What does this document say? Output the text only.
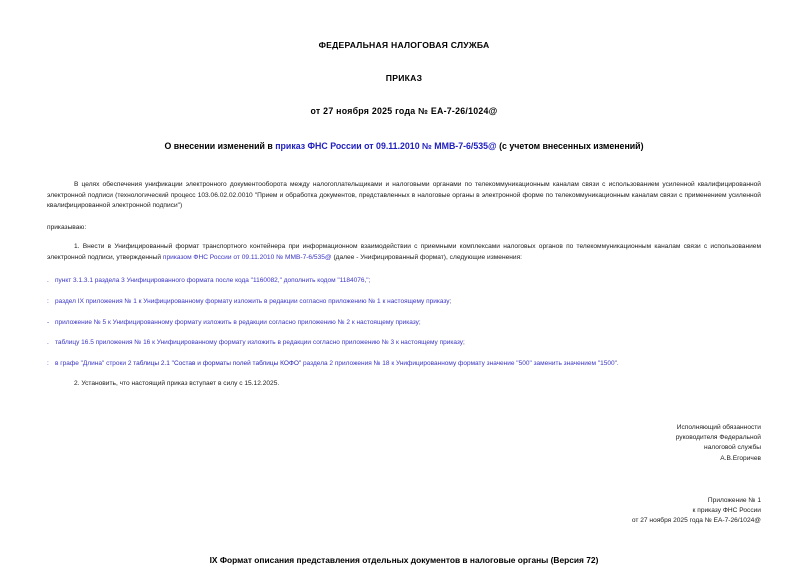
ФЕДЕРАЛЬНАЯ НАЛОГОВАЯ СЛУЖБА
ПРИКАЗ
от 27 ноября 2025 года № ЕА-7-26/1024@
О внесении изменений в приказ ФНС России от 09.11.2010 № ММВ-7-6/535@ (с учетом внесенных изменений)
В целях обеспечения унификации электронного документооборота между налогоплательщиками и налоговыми органами по телекоммуникационным каналам связи с использованием усиленной квалифицированной электронной подписи (технологический процесс 103.06.02.02.0010 "Прием и обработка документов, представленных в налоговые органы в электронной форме по телекоммуникационным каналам связи с применением усиленной квалифицированной электронной подписи")
приказываю:
1. Внести в Унифицированный формат транспортного контейнера при информационном взаимодействии с приемными комплексами налоговых органов по телекоммуникационным каналам связи с использованием электронной подписи, утвержденный приказом ФНС России от 09.11.2010 № ММВ-7-6/535@ (далее - Унифицированный формат), следующие изменения:
. пункт 3.1.3.1 раздела 3 Унифицированного формата после кода "1160082," дополнить кодом "1184076,";
: раздел IX приложения № 1 к Унифицированному формату изложить в редакции согласно приложению № 1 к настоящему приказу;
- приложение № 5 к Унифицированному формату изложить в редакции согласно приложению № 2 к настоящему приказу;
. таблицу 16.5 приложения № 16 к Унифицированному формату изложить в редакции согласно приложению № 3 к настоящему приказу;
: в графе "Длина" строки 2 таблицы 2.1 "Состав и форматы полей таблицы КОФО" раздела 2 приложения № 18 к Унифицированному формату значение "500" заменить значением "1500".
2. Установить, что настоящий приказ вступает в силу с 15.12.2025.
Исполняющий обязанности
руководителя Федеральной
налоговой службы
А.В.Егоричев
Приложение № 1
к приказу ФНС России
от 27 ноября 2025 года № ЕА-7-26/1024@
IX Формат описания представления отдельных документов в налоговые органы (Версия 72)
